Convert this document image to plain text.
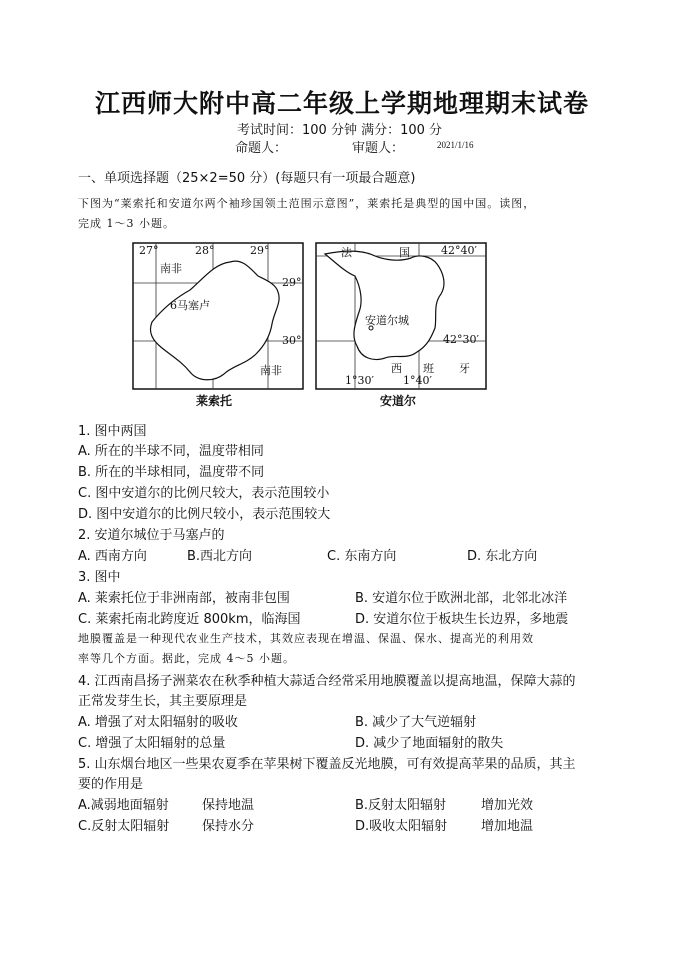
江西师大附中高二年级上学期地理期末试卷
考试时间：100 分钟 满分：100 分
命题人：	审题人：	2021/1/16
一、单项选择题（25×2=50 分）(每题只有一项最合题意)
下图为“莱索托和安道尔两个袖珍国领土范围示意图”，莱索托是典型的国中国。读图，
完成 1～3 小题。
27°	28°	29°
南非
29°
6马塞卢
30°
南非
莱索托
法	国	42°40′
安道尔城
42°30′
西 班 牙
1°30′	1°40′
安道尔
1. 图中两国
A. 所在的半球不同，温度带相同
B. 所在的半球相同，温度带不同
C. 图中安道尔的比例尺较大，表示范围较小
D. 图中安道尔的比例尺较小，表示范围较大
2. 安道尔城位于马塞卢的
A. 西南方向	B.西北方向	C. 东南方向	D. 东北方向
3. 图中
A. 莱索托位于非洲南部，被南非包围	B. 安道尔位于欧洲北部，北邻北冰洋
C. 莱索托南北跨度近 800km，临海国	D. 安道尔位于板块生长边界，多地震
地膜覆盖是一种现代农业生产技术，其效应表现在增温、保温、保水、提高光的利用效
率等几个方面。据此，完成 4～5 小题。
4. 江西南昌扬子洲菜农在秋季种植大蒜适合经常采用地膜覆盖以提高地温，保障大蒜的
正常发芽生长，其主要原理是
A. 增强了对太阳辐射的吸收	B. 减少了大气逆辐射
C. 增强了太阳辐射的总量	D. 减少了地面辐射的散失
5. 山东烟台地区一些果农夏季在苹果树下覆盖反光地膜，可有效提高苹果的品质，其主
要的作用是
A.减弱地面辐射	保持地温	B.反射太阳辐射	增加光效
C.反射太阳辐射	保持水分	D.吸收太阳辐射	增加地温
